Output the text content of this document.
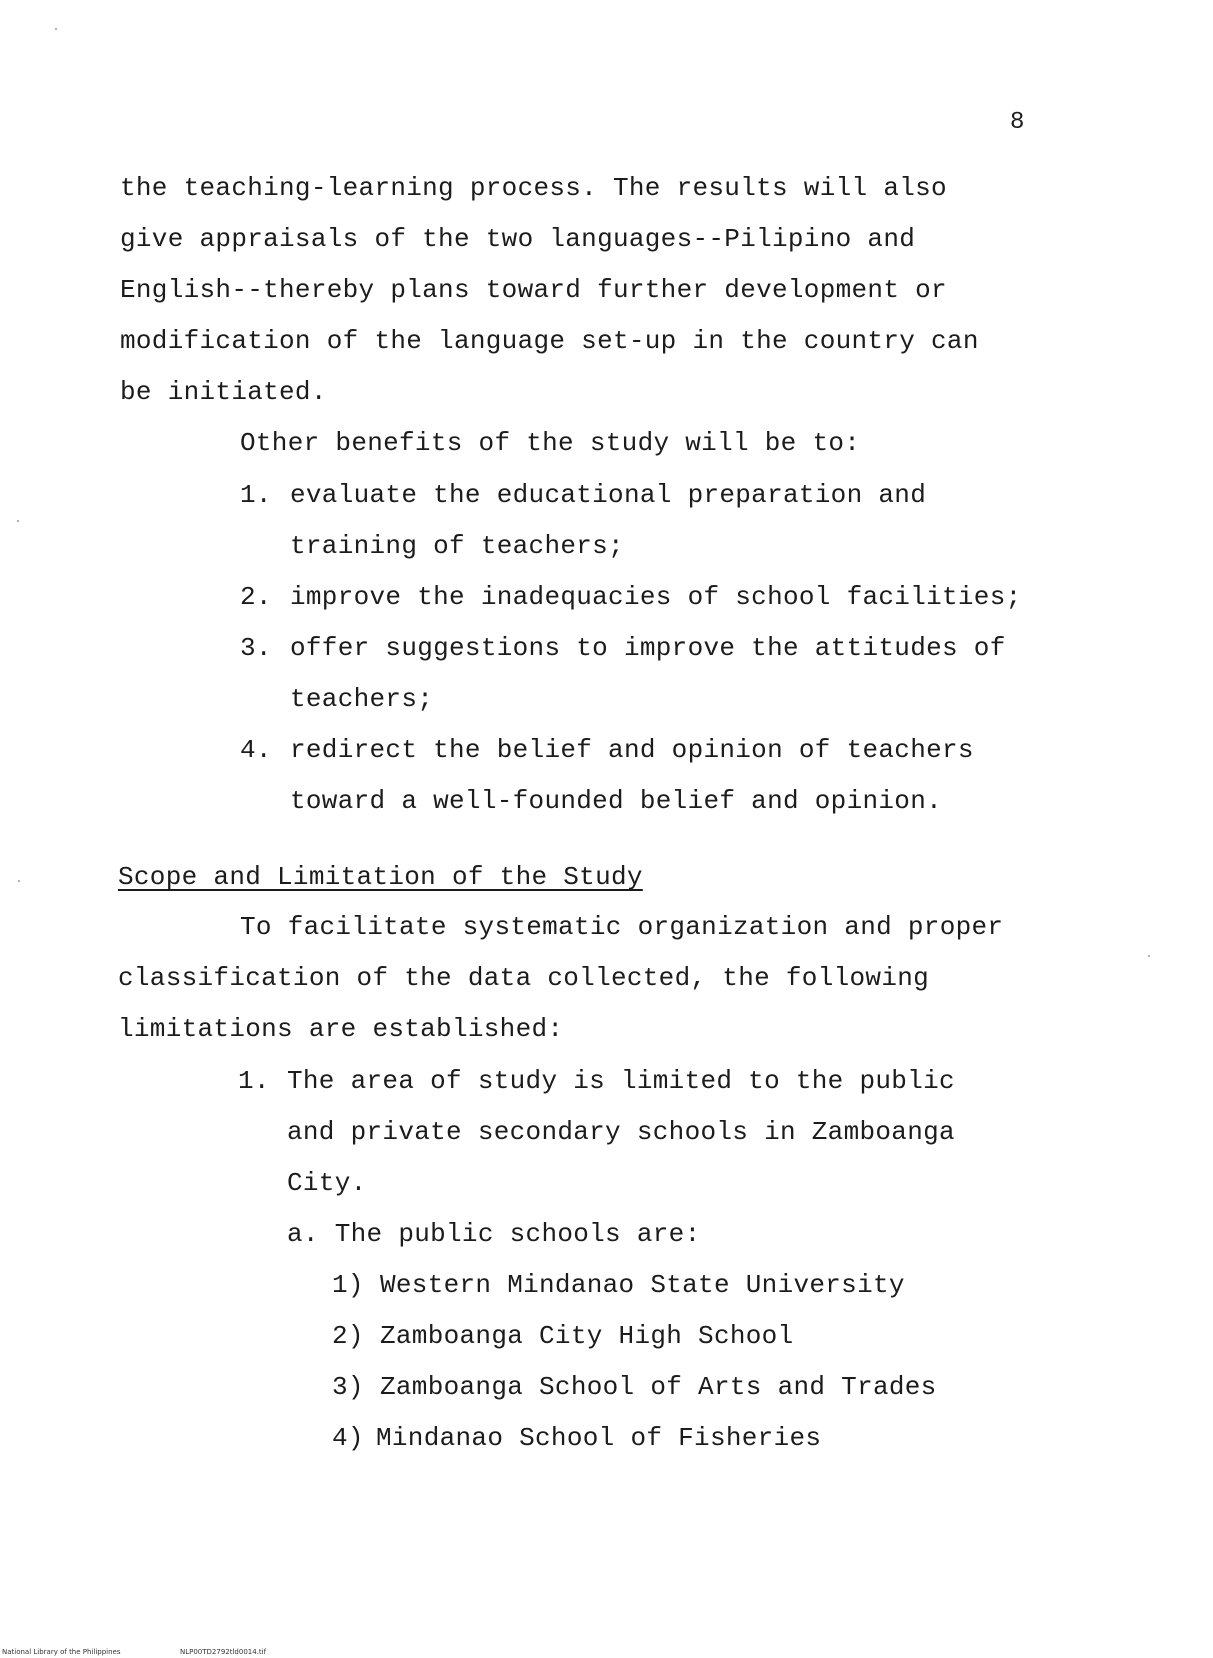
8
the teaching-learning process. The results will also
give appraisals of the two languages--Pilipino and
English--thereby plans toward further development or
modification of the language set-up in the country can
be initiated.
Other benefits of the study will be to:
1. evaluate the educational preparation and
training of teachers;
2. improve the inadequacies of school facilities;
3. offer suggestions to improve the attitudes of
teachers;
4. redirect the belief and opinion of teachers
toward a well-founded belief and opinion.
Scope and Limitation of the Study
To facilitate systematic organization and proper
classification of the data collected, the following
limitations are established:
1. The area of study is limited to the public
and private secondary schools in Zamboanga
City.
a. The public schools are:
1) Western Mindanao State University
2) Zamboanga City High School
3) Zamboanga School of Arts and Trades
4) Mindanao School of Fisheries
National Library of the Philippines	NLP00TD2792tld0014.tif
